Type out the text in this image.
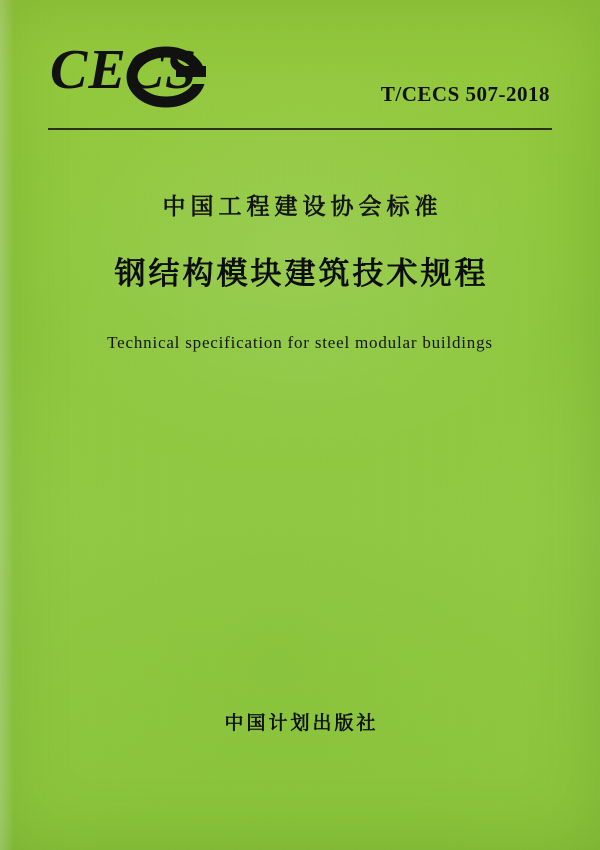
CECS	T/CECS 507-2018
中国工程建设协会标准
钢结构模块建筑技术规程
Technical specification for steel modular buildings
中国计划出版社
